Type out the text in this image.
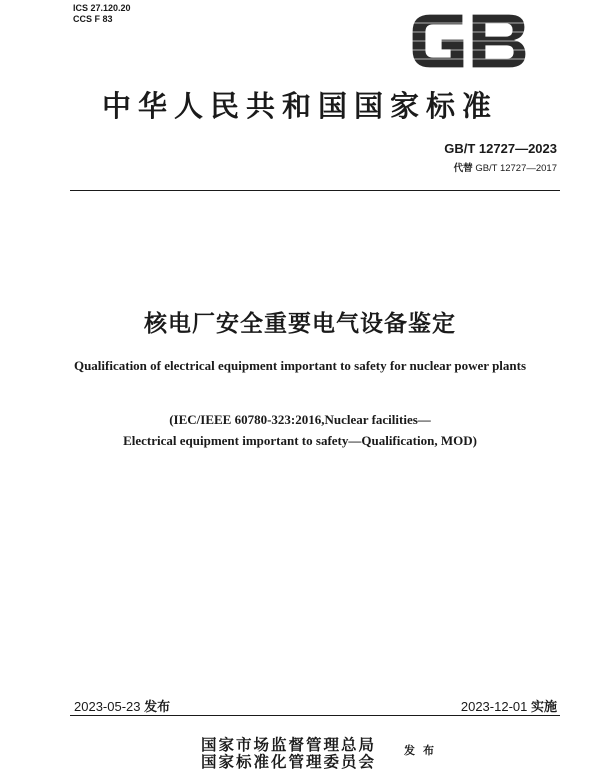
ICS 27.120.20
CCS F 83
中华人民共和国国家标准
GB/T 12727—2023
代替 GB/T 12727—2017
核电厂安全重要电气设备鉴定
Qualification of electrical equipment important to safety for nuclear power plants
(IEC/IEEE 60780-323:2016,Nuclear facilities—
Electrical equipment important to safety—Qualification, MOD)
2023-05-23 发布	2023-12-01 实施
国家市场监督管理总局
国家标准化管理委员会
发布
